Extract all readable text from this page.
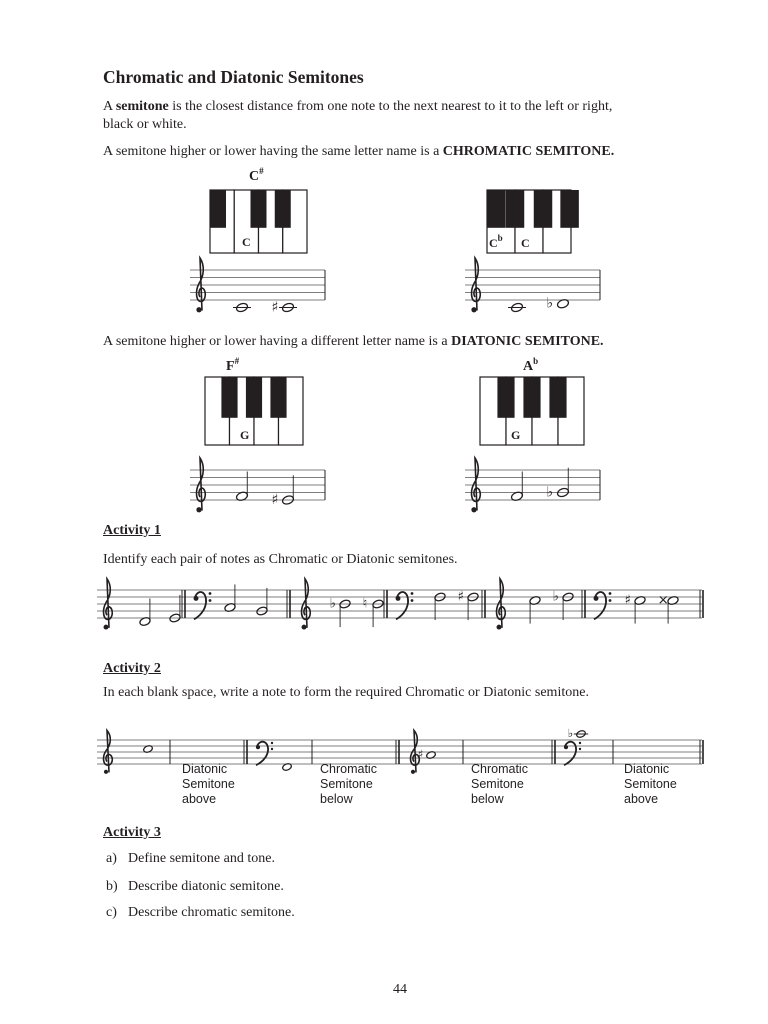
♯	♭
♯	♭
♭ ♮	♯	♭	♯ ×
♯
♭
Chromatic and Diatonic Semitones
A semitone is the closest distance from one note to the next nearest to it to the left or right,
black or white.
A semitone higher or lower having the same letter name is a CHROMATIC SEMITONE.
A semitone higher or lower having a different letter name is a DIATONIC SEMITONE.
C#
C	$C^b$ C
F#
G
$A^b$
G
Activity 1
Identify each pair of notes as Chromatic or Diatonic semitones.
Activity 2
In each blank space, write a note to form the required Chromatic or Diatonic semitone.
Diatonic
Semitone
above
Chromatic
Semitone
below
Chromatic
Semitone
below
Diatonic
Semitone
above
Activity 3
a) Define semitone and tone.
b) Describe diatonic semitone.
c) Describe chromatic semitone.
44
